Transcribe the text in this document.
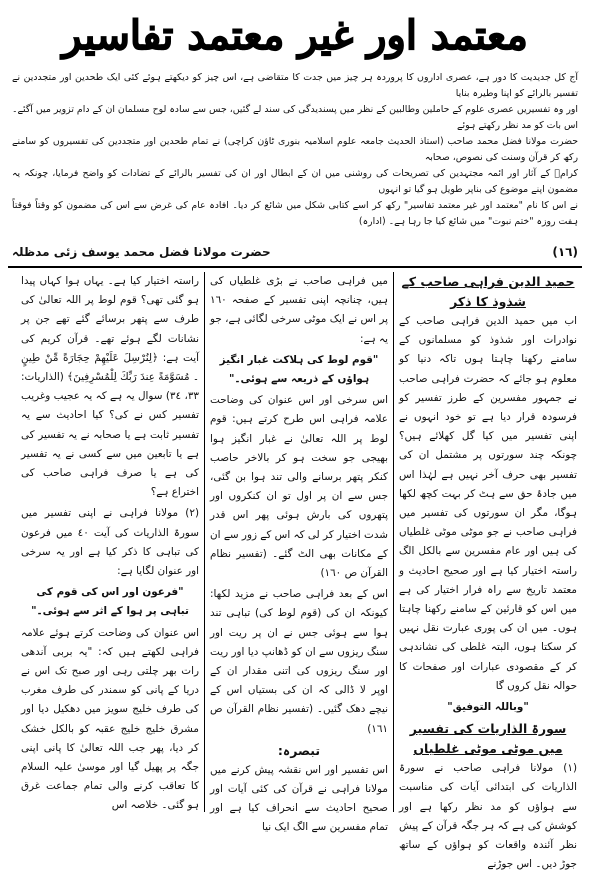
معتمد اور غیر معتمد تفاسیر

آج کل جدیدیت کا دور ہے، عصری اداروں کا پروردہ ہر چیز میں جدت کا متقاضی ہے، اس چیز کو دیکھتے ہوئے کئی ایک طحدین اور متجددین نے تفسیر بالرائے کو اپنا وطیرہ بنایا

اور وہ تفسیریں عصری علوم کے حاملین وطالبین کے نظر میں پسندیدگی کی سند لے گئیں، جس سے سادہ لوح مسلمان ان کے دام تزویر میں آگئے۔ اس بات کو مد نظر رکھتے ہوئے

حضرت مولانا فضل محمد صاحب (استاذ الحدیث جامعہ علوم اسلامیہ بنوری ٹاؤن کراچی) نے تمام طحدین اور متجددین کی تفسیروں کو سامنے رکھ کر قرآن وسنت کی نصوص، صحابہ

کرامؓ کے آثار اور ائمہ مجتہدین کی تصریحات کی روشنی میں ان کے ابطال اور ان کی تفسیر بالرائے کے تضادات کو واضح فرمایا، چونکہ یہ مضمون اپنے موضوع کی بناپر طویل ہو گیا تو انہوں

نے اس کا نام "معتمد اور غیر معتمد تفاسیر" رکھ کر اسے کتابی شکل میں شائع کر دیا۔ افادہ عام کی غرض سے اس کی مضمون کو وقتاً فوقتاً ہفت روزہ "ختم نبوت" میں شائع کیا جا رہا ہے۔ (ادارہ)

(١٦)
حضرت مولانا فضل محمد یوسف زئی مدظلہ
حمید الدین فراہی صاحب کے شذوذ کا ذکر

اب میں حمید الدین فراہی صاحب کے نوادرات اور شذوذ کو مسلمانوں کے سامنے رکھنا چاہتا ہوں تاکہ دنیا کو معلوم ہو جائے کہ حضرت فراہی صاحب نے جمہور مفسرین کے طرز تفسیر کو فرسودہ قرار دیا ہے تو خود انہوں نے اپنی تفسیر میں کیا گل کھلائے ہیں؟ چونکہ چند سورتوں پر مشتمل ان کی تفسیر بھی حرف آخر نہیں ہے لہٰذا اس میں جادۂ حق سے ہٹ کر بہت کچھ لکھا ہوگا، مگر ان سورتوں کی تفسیر میں فراہی صاحب نے جو موٹی موٹی غلطیاں کی ہیں اور عام مفسرین سے بالکل الگ راستہ اختیار کیا ہے اور صحیح احادیث و معتمد تاریخ سے راہ فرار اختیار کی ہے میں اس کو قارئین کے سامنے رکھنا چاہتا ہوں۔ میں ان کی پوری عبارت نقل نہیں کر سکتا ہوں، البتہ غلطی کی نشاندہی کر کے مقصودی عبارات اور صفحات کا حوالہ نقل کروں گا

"وباللہ التوفیق"

سورۃ الذاریات کی تفسیر میں موٹی موٹی غلطیاں

(١) مولانا فراہی صاحب نے سورۃ الذاریات کی ابتدائی آیات کی مناسبت سے ہواؤں کو مد نظر رکھا ہے اور کوشش کی ہے کہ ہر جگہ قرآن کے پیش نظر آئندہ واقعات کو ہواؤں کے ساتھ جوڑ دیں۔ اس جوڑنے

میں فراہی صاحب نے بڑی غلطیاں کی ہیں، چنانچہ اپنی تفسیر کے صفحہ ١٦٠ پر اس نے ایک موٹی سرخی لگائی ہے، جو یہ ہے:

"قوم لوط کی ہلاکت غبار انگیز ہواؤں کے ذریعہ سے ہوئی۔"

اس سرخی اور اس عنوان کی وضاحت علامہ فراہی اس طرح کرتے ہیں: قوم لوط پر اللہ تعالیٰ نے غبار انگیز ہوا بھیجی جو سخت ہو کر بالاخر حاصب کنکر پتھر برسانے والی تند ہوا بن گئی، جس سے ان پر اول تو ان کنکروں اور پتھروں کی بارش ہوئی پھر اس قدر شدت اختیار کر لی کہ اس کے زور سے ان کے مکانات بھی الٹ گئے۔ (تفسیر نظام القرآن ص ١٦٠)

اس کے بعد فراہی صاحب نے مزید لکھا: کیونکہ ان کی (قوم لوط کی) تباہی تند ہوا سے ہوئی جس نے ان پر ریت اور سنگ ریزوں سے ان کو ڈھانپ دیا اور ریت اور سنگ ریزوں کی اتنی مقدار ان کے اوپر لا ڈالی کہ ان کی بستیاں اس کے نیچے دھک گئیں۔ (تفسیر نظام القرآن ص ١٦١)

تبصرہ:

اس تفسیر اور اس نقشہ پیش کرنے میں مولانا فراہی نے قرآن کی کئی آیات اور صحیح احادیث سے انحراف کیا ہے اور تمام مفسرین سے الگ ایک نیا

راستہ اختیار کیا ہے۔ یہاں ہوا کہاں پیدا ہو گئی تھی؟ قوم لوط پر اللہ تعالیٰ کی طرف سے پتھر برسائے گئے تھے جن پر نشانات لگے ہوئے تھے۔ قرآن کریم کی آیت ہے: ﴿لِنُرْسِلَ عَلَيْهِمْ حِجَارَةً مِّنْ طِينٍ ۔ مُسَوَّمَةً عِندَ رَبِّكَ لِلْمُسْرِفِينَ﴾ (الذاریات: ٣٣، ٣٤) سوال یہ ہے کہ یہ عجیب وغریب تفسیر کس نے کی؟ کیا احادیث سے یہ تفسیر ثابت ہے یا صحابہ نے یہ تفسیر کی ہے یا تابعین میں سے کسی نے یہ تفسیر کی ہے یا صرف فراہی صاحب کی اختراع ہے؟

(٢) مولانا فراہی نے اپنی تفسیر میں سورۃ الذاریات کی آیت ٤٠ میں فرعون کی تباہی کا ذکر کیا ہے اور یہ سرخی اور عنوان لگایا ہے:

"فرعون اور اس کی قوم کی تباہی پر ہوا کے اثر سے ہوئی۔"

اس عنوان کی وضاحت کرتے ہوئے علامہ فراہی لکھتے ہیں کہ: "یہ بربی آندھی رات بھر چلتی رہی اور صبح تک اس نے دریا کے پانی کو سمندر کی طرف مغرب کی طرف خلیج سویز میں دھکیل دیا اور مشرق خلیج خلیج عقبہ کو بالکل خشک کر دیا، پھر جب اللہ تعالیٰ کا پانی اپنی جگہ پر پھیل گیا اور موسیٰ علیہ السلام کا تعاقب کرنے والی تمام جماعت غرق ہو گئی۔ خلاصہ اس
